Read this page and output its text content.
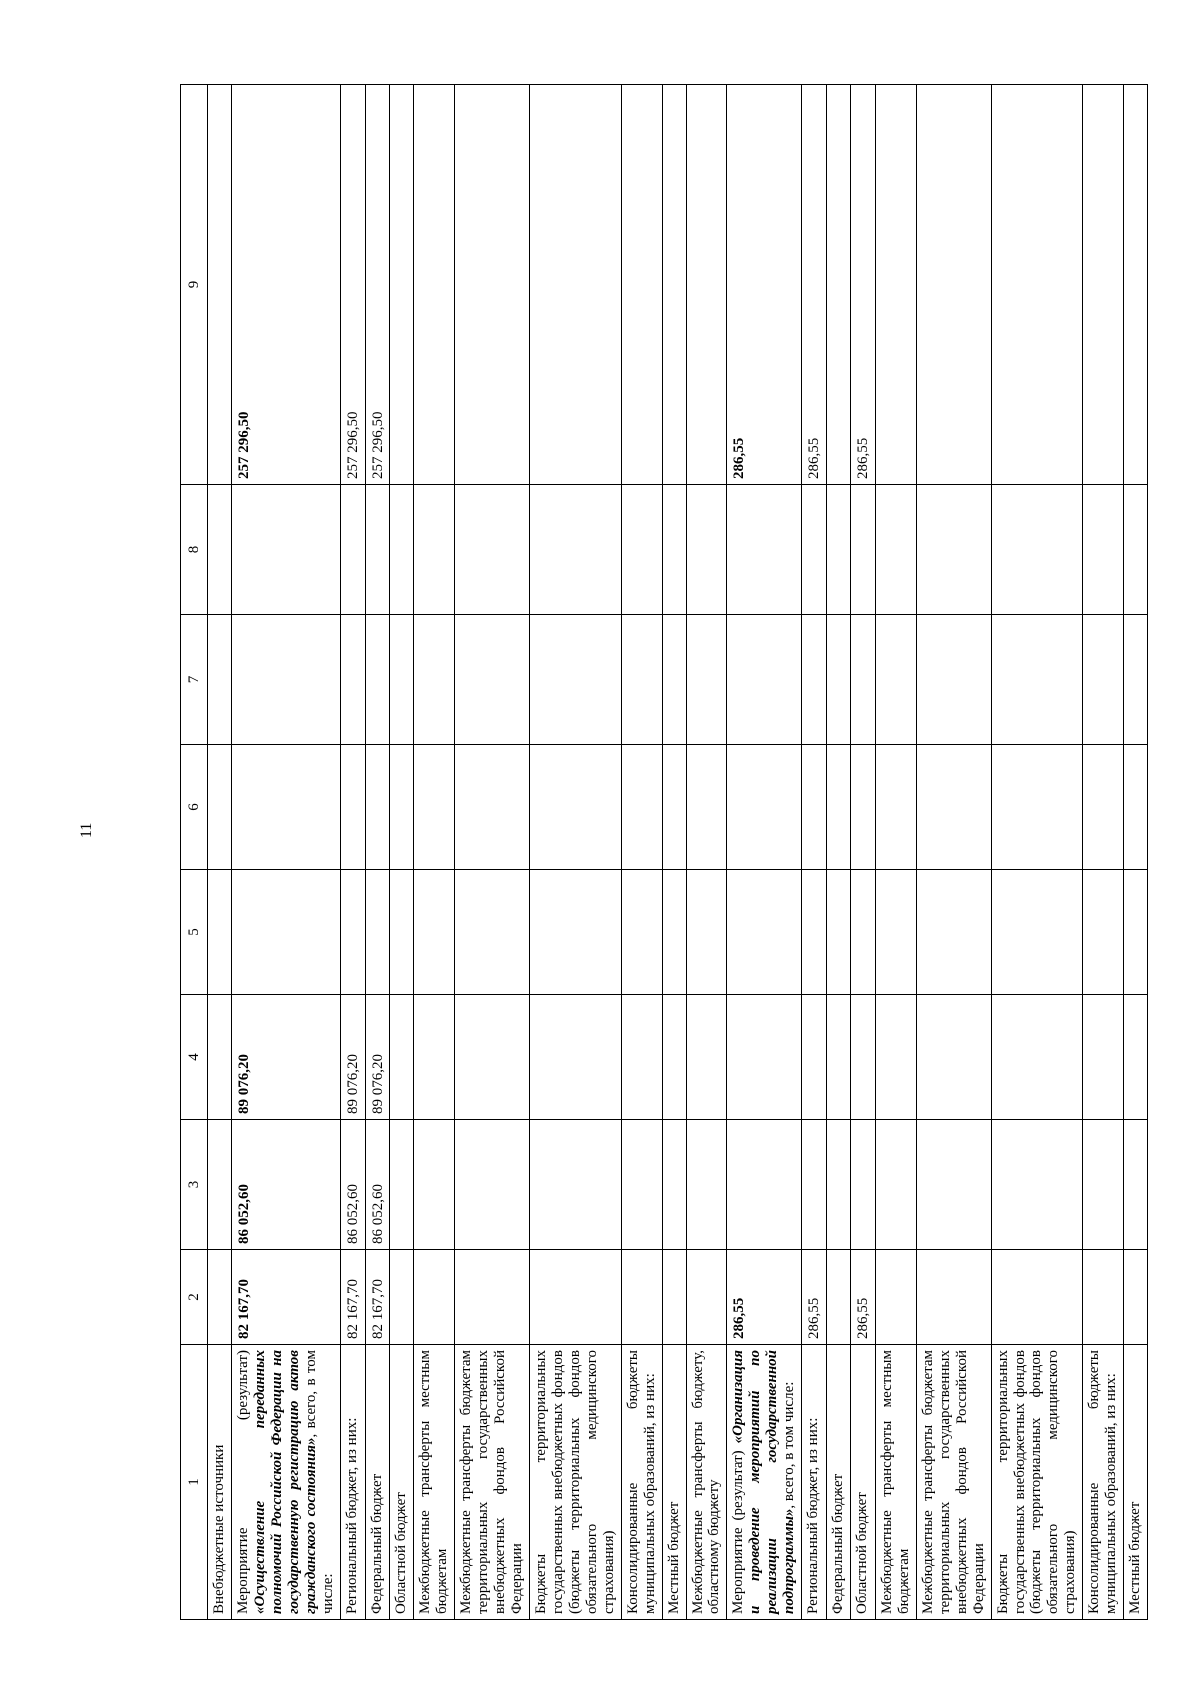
11
1	2	3	4	5	6	7	8	9
Внебюджетные источники								
Мероприятие (результат) «Осуществление переданных полномочий Российской Федерации на государственную регистрацию актов гражданского состояния», всего, в том числе:	82 167,70	86 052,60	89 076,20					257 296,50
Региональный бюджет, из них:	82 167,70	86 052,60	89 076,20					257 296,50
Федеральный бюджет	82 167,70	86 052,60	89 076,20					257 296,50
Областной бюджет								
Межбюджетные трансферты местным бюджетам								
Межбюджетные трансферты бюджетам территориальных государственных внебюджетных фондов Российской Федерации								
Бюджеты территориальных государственных внебюджетных фондов (бюджеты территориальных фондов обязательного медицинского страхования)								
Консолидированные бюджеты муниципальных образований, из них:								
Местный бюджет								
Межбюджетные трансферты бюджету, областному бюджету								
Мероприятие (результат) «Организация и проведение мероприятий по реализации государственной подпрограммы», всего, в том числе:	286,55							286,55
Региональный бюджет, из них:	286,55							286,55
Федеральный бюджет								
Областной бюджет	286,55							286,55
Межбюджетные трансферты местным бюджетам								
Межбюджетные трансферты бюджетам территориальных государственных внебюджетных фондов Российской Федерации								
Бюджеты территориальных государственных внебюджетных фондов (бюджеты территориальных фондов обязательного медицинского страхования)								
Консолидированные бюджеты муниципальных образований, из них:								
Местный бюджет								
